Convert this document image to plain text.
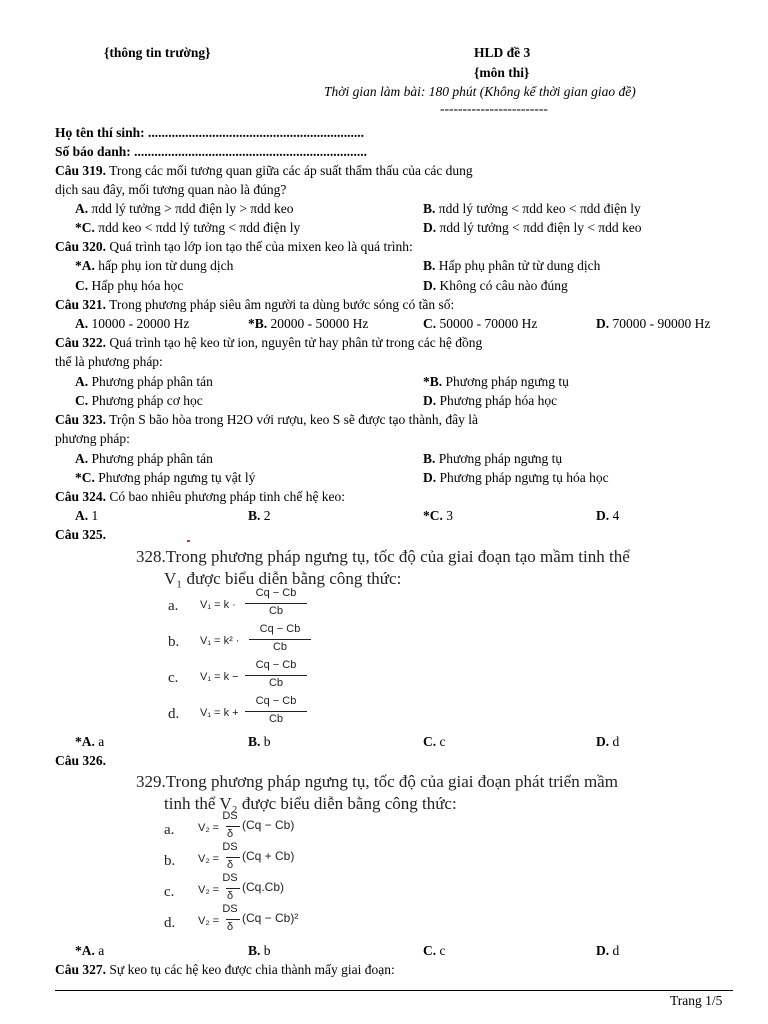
{thông tin trường}	HLD đề 3
{môn thi}
Thời gian làm bài: 180 phút (Không kể thời gian giao đề)
------------------------
Họ tên thí sinh: ................................................................
Số báo danh: .....................................................................
Câu 319. Trong các mối tương quan giữa các áp suất thẩm thấu của các dung
dịch sau đây, mối tương quan nào là đúng?
A. πdd lý tưởng > πdd điện ly > πdd keo	B. πdd lý tưởng < πdd keo < πdd điện ly
*C. πdd keo < πdd lý tưởng < πdd điện ly	D. πdd lý tưởng < πdd điện ly < πdd keo
Câu 320. Quá trình tạo lớp ion tạo thế của mixen keo là quá trình:
*A. hấp phụ ion từ dung dịch	B. Hấp phụ phân tử từ dung dịch
C. Hấp phụ hóa học	D. Không có câu nào đúng
Câu 321. Trong phương pháp siêu âm người ta dùng bước sóng có tần số:
A. 10000 - 20000 Hz	*B. 20000 - 50000 Hz	C. 50000 - 70000 Hz	D. 70000 - 90000 Hz
Câu 322. Quá trình tạo hệ keo từ ion, nguyên tử hay phân tử trong các hệ đồng
thể là phương pháp:
A. Phương pháp phân tán	*B. Phương pháp ngưng tụ
C. Phương pháp cơ học	D. Phương pháp hóa học
Câu 323. Trộn S bão hòa trong H2O với rượu, keo S sẽ được tạo thành, đây là
phương pháp:
A. Phương pháp phân tán	B. Phương pháp ngưng tụ
*C. Phương pháp ngưng tụ vật lý	D. Phương pháp ngưng tụ hóa học
Câu 324. Có bao nhiêu phương pháp tinh chế hệ keo:
A. 1	B. 2	*C. 3	D. 4
Câu 325.
328.Trong phương pháp ngưng tụ, tốc độ của giai đoạn tạo mầm tinh thể
V₁ được biểu diễn bằng công thức:
a. V₁ = k ·
Cq − Cb
Cb
b. V₁ = k² ·
Cq − Cb
Cb
c. V₁ = k −
Cq − Cb
Cb
d. V₁ = k +
Cq − Cb
Cb
*A. a	B. b	C. c	D. d
Câu 326.
329.Trong phương pháp ngưng tụ, tốc độ của giai đoạn phát triển mầm
tinh thể V₂ được biểu diễn bằng công thức:
a. V₂ =
DS
δ
(Cq − Cb)
b. V₂ =
DS
δ
(Cq + Cb)
c. V₂ =
DS
δ
(Cq.Cb)
d. V₂ =
DS
δ
(Cq − Cb)²
*A. a	B. b	C. c	D. d
Câu 327. Sự keo tụ các hệ keo được chia thành mấy giai đoạn:
Trang 1/5
